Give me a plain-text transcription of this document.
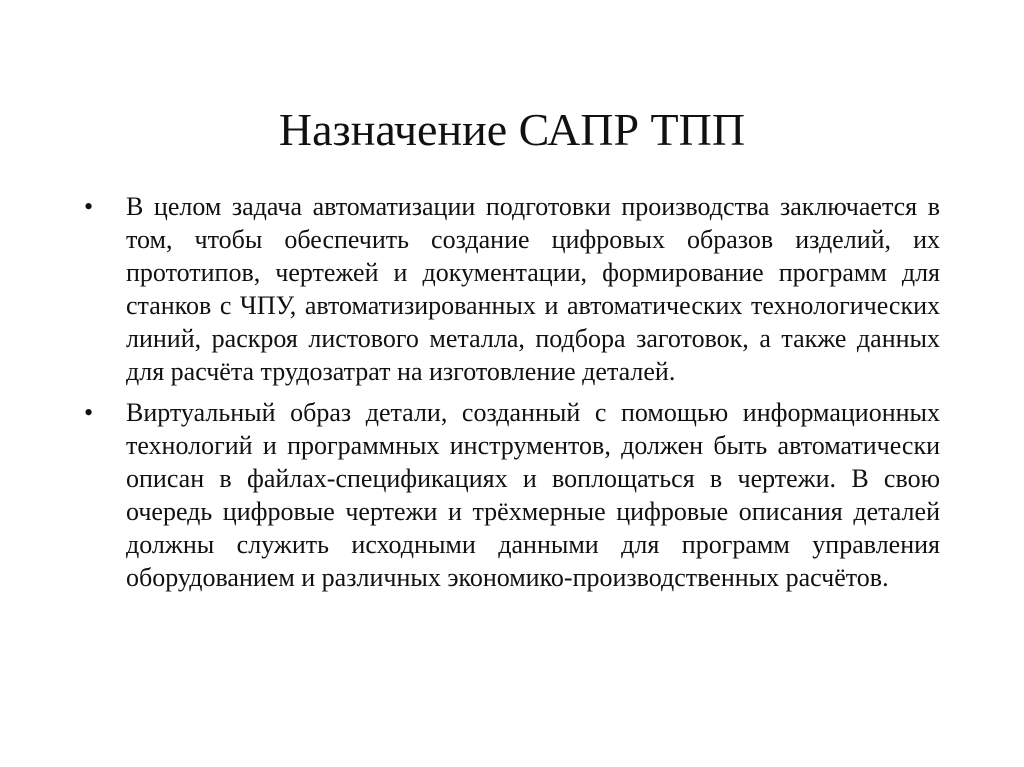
Назначение САПР ТПП
• В целом задача автоматизации подготовки производства заключается в том, чтобы обеспечить создание цифровых образов изделий, их прототипов, чертежей и документации, формирование программ для станков с ЧПУ, автоматизированных и автоматических технологических линий, раскроя листового металла, подбора заготовок, а также данных для расчёта трудозатрат на изготовление деталей.
• Виртуальный образ детали, созданный с помощью информационных технологий и программных инструментов, должен быть автоматически описан в файлах-спецификациях и воплощаться в чертежи. В свою очередь цифровые чертежи и трёхмерные цифровые описания деталей должны служить исходными данными для программ управления оборудованием и различных экономико-производственных расчётов.
